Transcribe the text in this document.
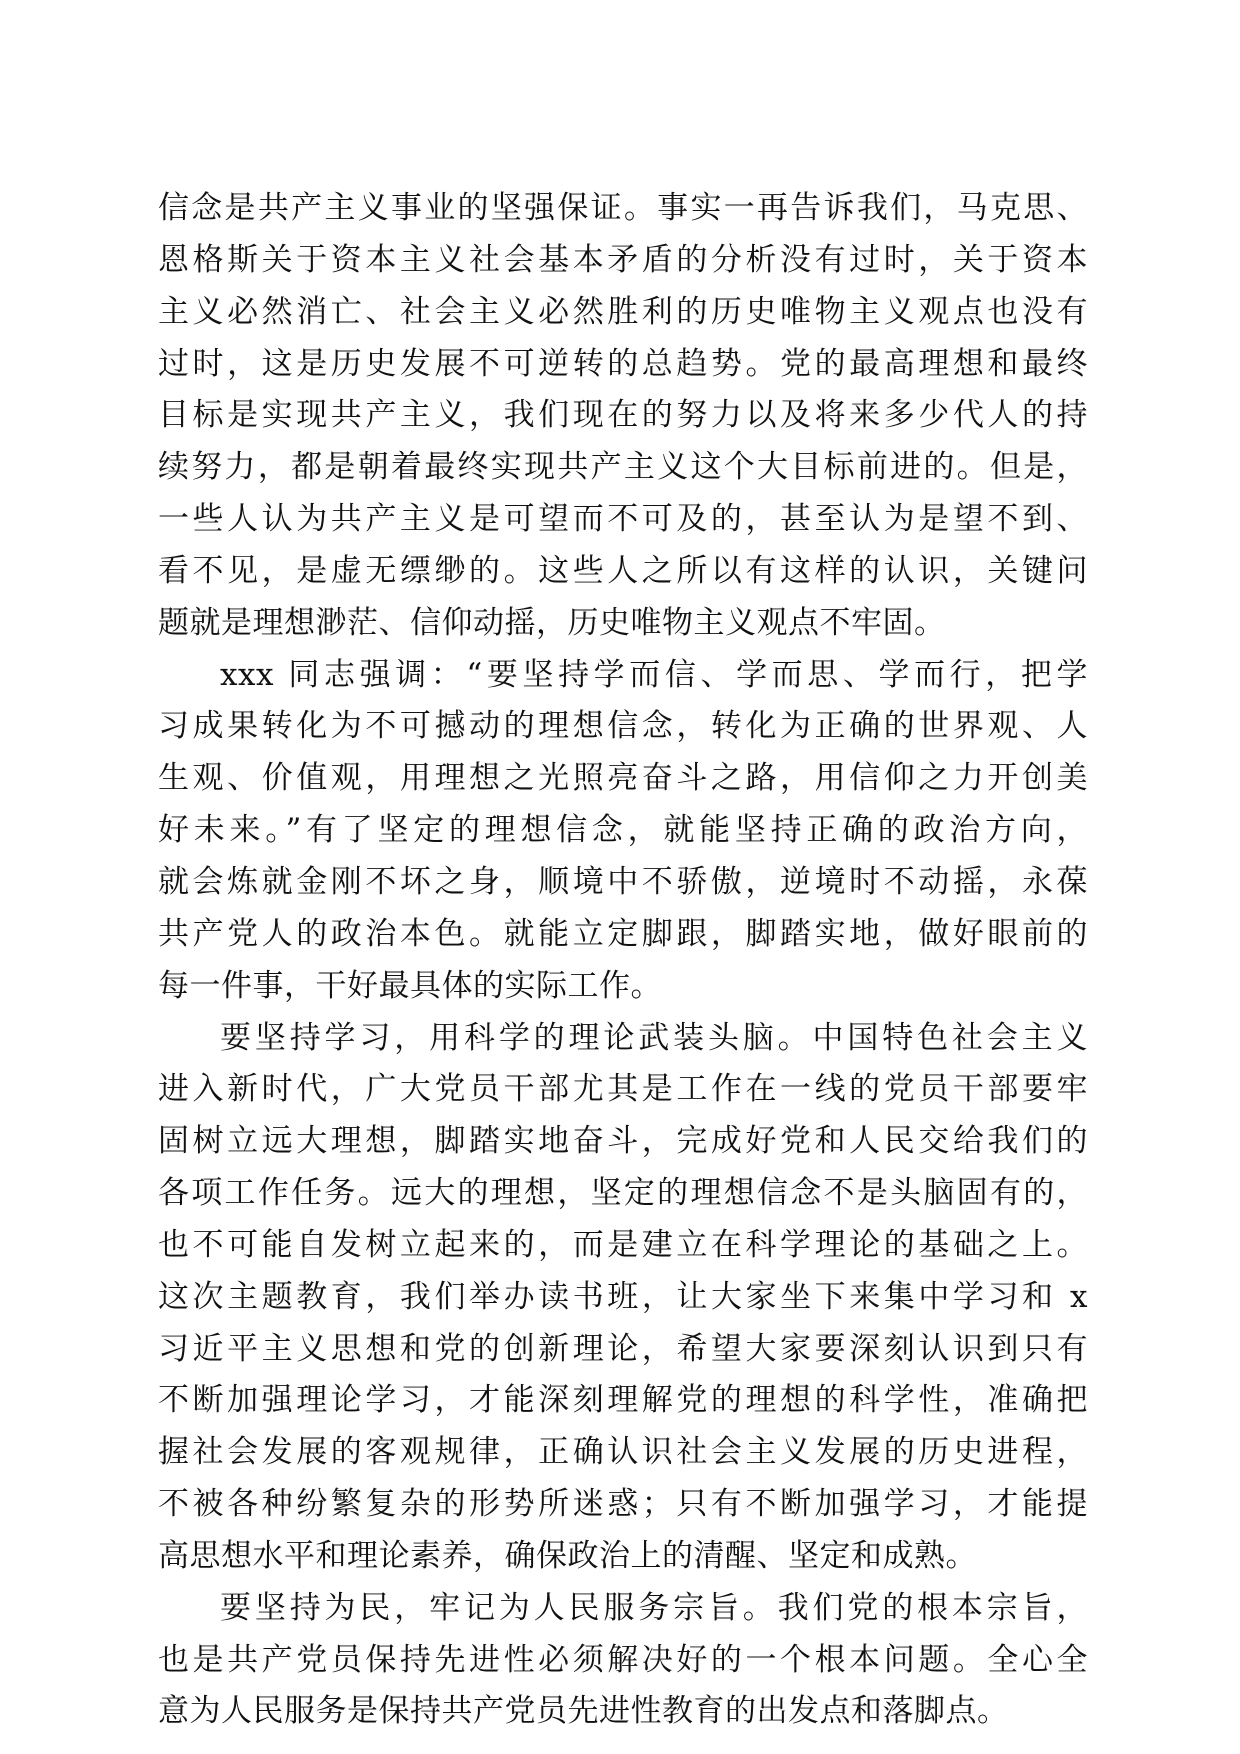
信念是共产主义事业的坚强保证。事实一再告诉我们，马克思、
恩格斯关于资本主义社会基本矛盾的分析没有过时，关于资本
主义必然消亡、社会主义必然胜利的历史唯物主义观点也没有
过时，这是历史发展不可逆转的总趋势。党的最高理想和最终
目标是实现共产主义，我们现在的努力以及将来多少代人的持
续努力，都是朝着最终实现共产主义这个大目标前进的。但是，
一些人认为共产主义是可望而不可及的，甚至认为是望不到、
看不见，是虚无缥缈的。这些人之所以有这样的认识，关键问
题就是理想渺茫、信仰动摇，历史唯物主义观点不牢固。
xxx 同志强调：“要坚持学而信、学而思、学而行，把学
习成果转化为不可撼动的理想信念，转化为正确的世界观、人
生观、价值观，用理想之光照亮奋斗之路，用信仰之力开创美
好未来。”有了坚定的理想信念，就能坚持正确的政治方向，
就会炼就金刚不坏之身，顺境中不骄傲，逆境时不动摇，永葆
共产党人的政治本色。就能立定脚跟，脚踏实地，做好眼前的
每一件事，干好最具体的实际工作。
要坚持学习，用科学的理论武装头脑。中国特色社会主义
进入新时代，广大党员干部尤其是工作在一线的党员干部要牢
固树立远大理想，脚踏实地奋斗，完成好党和人民交给我们的
各项工作任务。远大的理想，坚定的理想信念不是头脑固有的，
也不可能自发树立起来的，而是建立在科学理论的基础之上。
这次主题教育，我们举办读书班，让大家坐下来集中学习和 x
习近平主义思想和党的创新理论，希望大家要深刻认识到只有
不断加强理论学习，才能深刻理解党的理想的科学性，准确把
握社会发展的客观规律，正确认识社会主义发展的历史进程，
不被各种纷繁复杂的形势所迷惑；只有不断加强学习，才能提
高思想水平和理论素养，确保政治上的清醒、坚定和成熟。
要坚持为民，牢记为人民服务宗旨。我们党的根本宗旨，
也是共产党员保持先进性必须解决好的一个根本问题。全心全
意为人民服务是保持共产党员先进性教育的出发点和落脚点。
